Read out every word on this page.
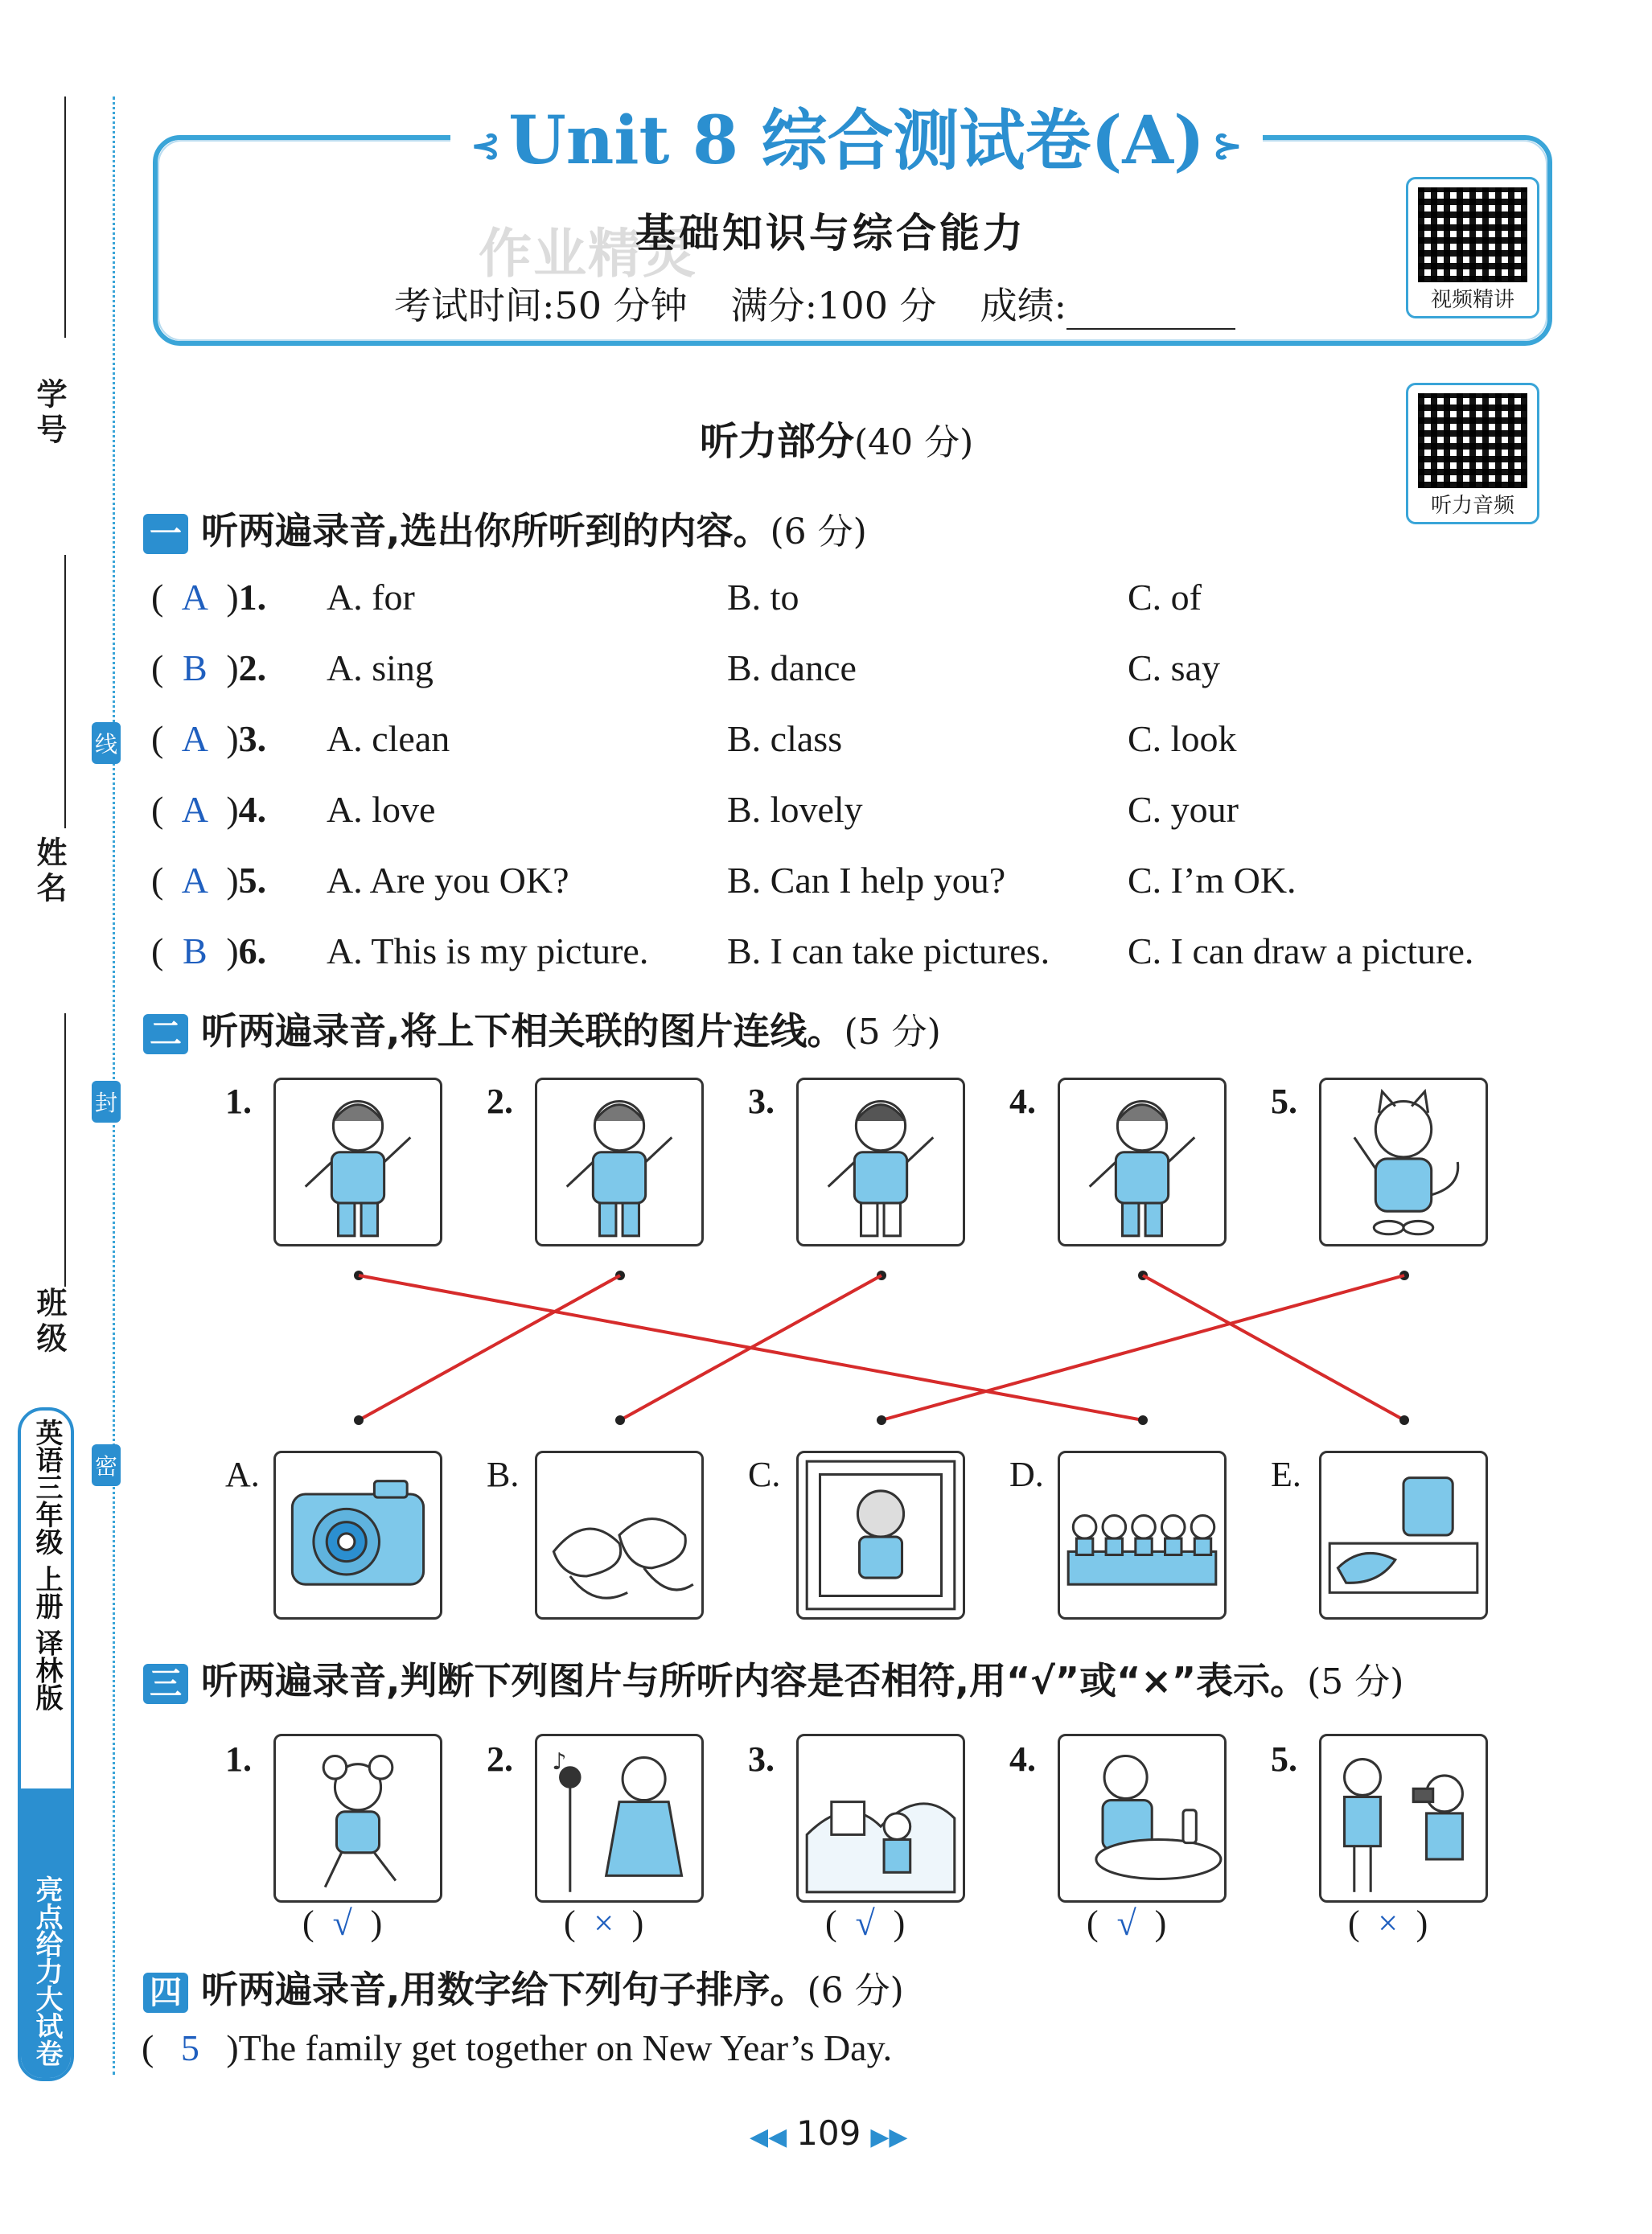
学号
姓名
班级
线
封
密
英语三年级 上册 译林版
亮点给力大试卷
⊰ Unit 8 综合测试卷(A) ⊱
作业精灵
基础知识与综合能力
考试时间:50 分钟 满分:100 分 成绩:	视频精讲
听力音频
听力部分(40 分)
一 听两遍录音,选出你所听到的内容。(6 分)
( A )1. A. for	B. to	C. of
( B )2. A. sing	B. dance	C. say
( A )3. A. clean	B. class	C. look
( A )4. A. love	B. lovely	C. your
( A )5. A. Are you OK?	B. Can I help you?	C. I’m OK.
( B )6. A. This is my picture. B. I can take pictures. C. I can draw a picture.
二 听两遍录音,将上下相关联的图片连线。(5 分)
1.	2.	3.	4.	5.
A.	B.	C.	D.	E.
三 听两遍录音,判断下列图片与所听内容是否相符,用“√”或“×”表示。(5 分)
1.
( √ )
2. ♪
( × )
3.
( √ )
4.
( √ )
5.
( × )
四 听两遍录音,用数字给下列句子排序。(6 分)
( 5 )The family get together on New Year’s Day.
◀◀ 109 ▶▶
